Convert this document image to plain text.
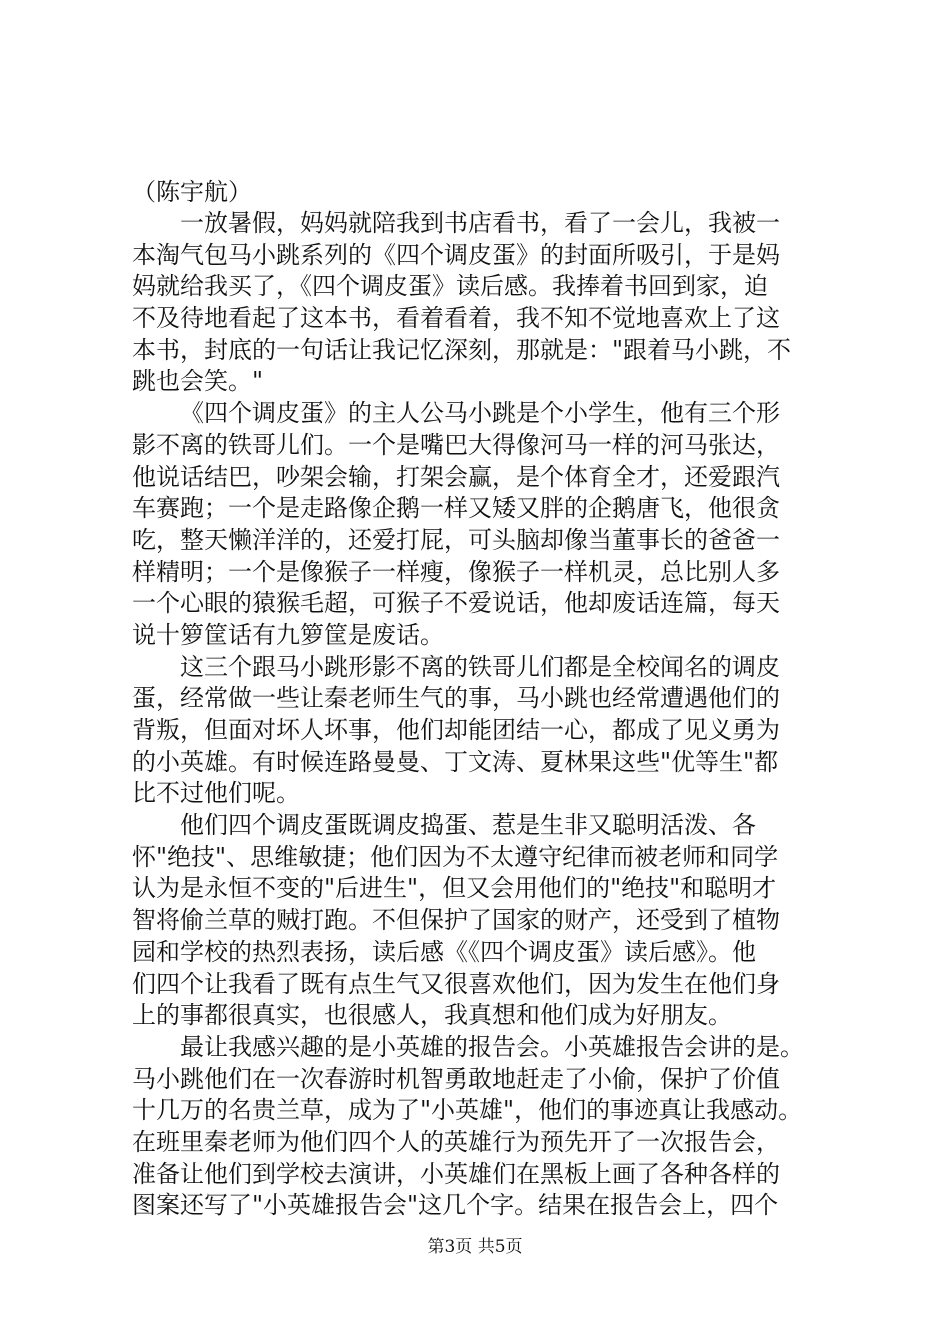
（陈宇航）
一放暑假，妈妈就陪我到书店看书，看了一会儿，我被一
本淘气包马小跳系列的《四个调皮蛋》的封面所吸引，于是妈
妈就给我买了，《四个调皮蛋》读后感。我捧着书回到家，迫
不及待地看起了这本书，看着看着，我不知不觉地喜欢上了这
本书，封底的一句话让我记忆深刻，那就是："跟着马小跳，不
跳也会笑。"
《四个调皮蛋》的主人公马小跳是个小学生，他有三个形
影不离的铁哥儿们。一个是嘴巴大得像河马一样的河马张达，
他说话结巴，吵架会输，打架会赢，是个体育全才，还爱跟汽
车赛跑；一个是走路像企鹅一样又矮又胖的企鹅唐飞，他很贪
吃，整天懒洋洋的，还爱打屁，可头脑却像当董事长的爸爸一
样精明；一个是像猴子一样瘦，像猴子一样机灵，总比别人多
一个心眼的猿猴毛超，可猴子不爱说话，他却废话连篇，每天
说十箩筐话有九箩筐是废话。
这三个跟马小跳形影不离的铁哥儿们都是全校闻名的调皮
蛋，经常做一些让秦老师生气的事，马小跳也经常遭遇他们的
背叛，但面对坏人坏事，他们却能团结一心，都成了见义勇为
的小英雄。有时候连路曼曼、丁文涛、夏林果这些"优等生"都
比不过他们呢。
他们四个调皮蛋既调皮捣蛋、惹是生非又聪明活泼、各
怀"绝技"、思维敏捷；他们因为不太遵守纪律而被老师和同学
认为是永恒不变的"后进生"，但又会用他们的"绝技"和聪明才
智将偷兰草的贼打跑。不但保护了国家的财产，还受到了植物
园和学校的热烈表扬，读后感《《四个调皮蛋》读后感》。他
们四个让我看了既有点生气又很喜欢他们，因为发生在他们身
上的事都很真实，也很感人，我真想和他们成为好朋友。
最让我感兴趣的是小英雄的报告会。小英雄报告会讲的是。
马小跳他们在一次春游时机智勇敢地赶走了小偷，保护了价值
十几万的名贵兰草，成为了"小英雄"，他们的事迹真让我感动。
在班里秦老师为他们四个人的英雄行为预先开了一次报告会，
准备让他们到学校去演讲，小英雄们在黑板上画了各种各样的
图案还写了"小英雄报告会"这几个字。结果在报告会上，四个
第3页 共5页
